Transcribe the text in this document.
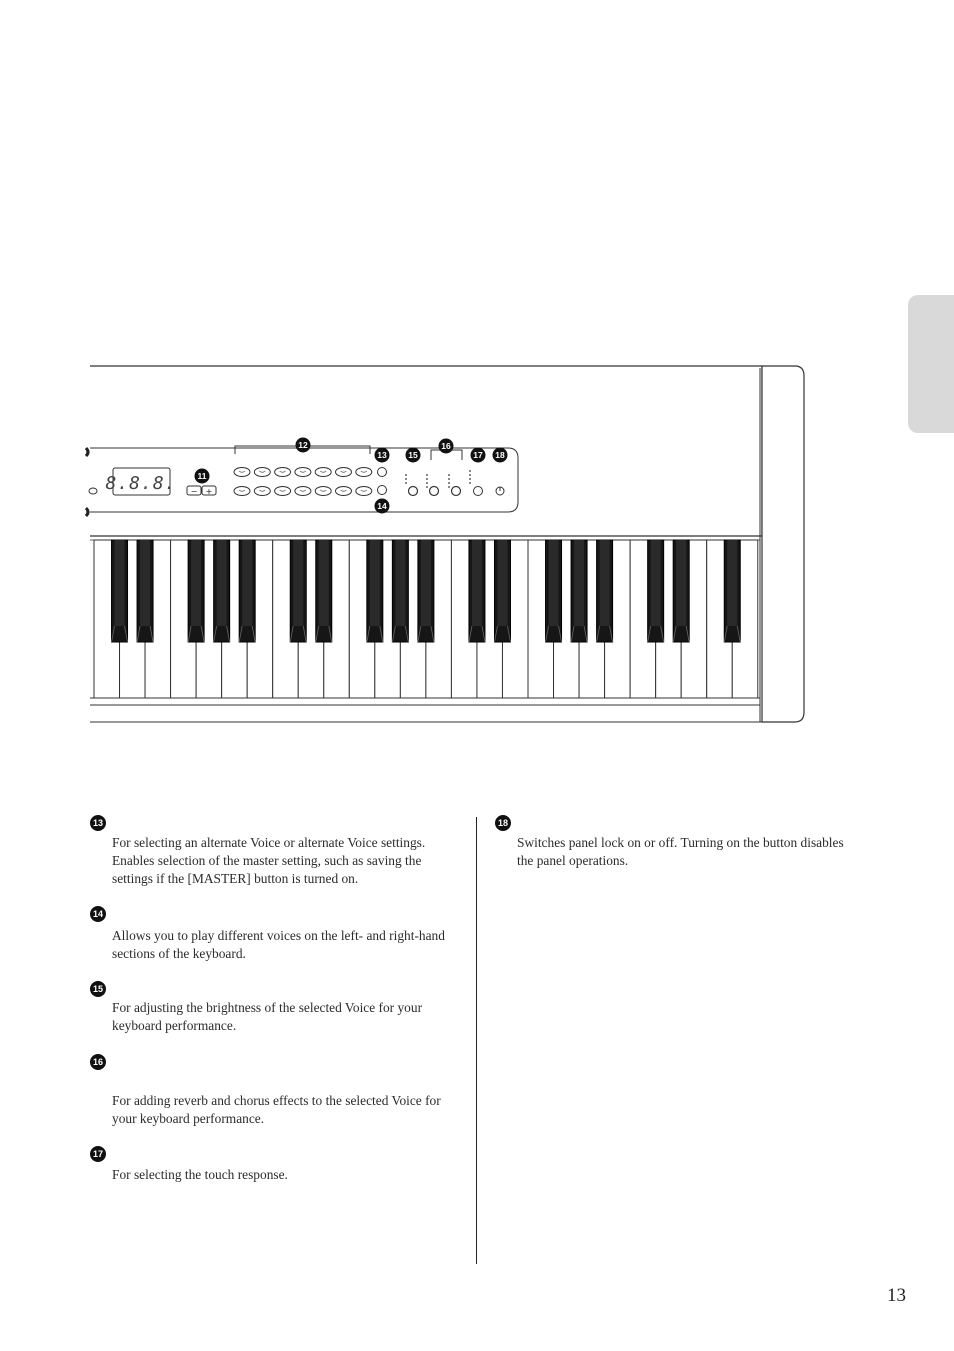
8.8.8. − +
11
12
13
14
15
16
17 18
13
For selecting an alternate Voice or alternate Voice settings. Enables selection of the master setting, such as saving the settings if the [MASTER] button is turned on.
14
Allows you to play different voices on the left- and right-hand sections of the keyboard.
15
For adjusting the brightness of the selected Voice for your keyboard performance.
16
For adding reverb and chorus effects to the selected Voice for your keyboard performance.
17
For selecting the touch response.
18
Switches panel lock on or off. Turning on the button disables the panel operations.
13
